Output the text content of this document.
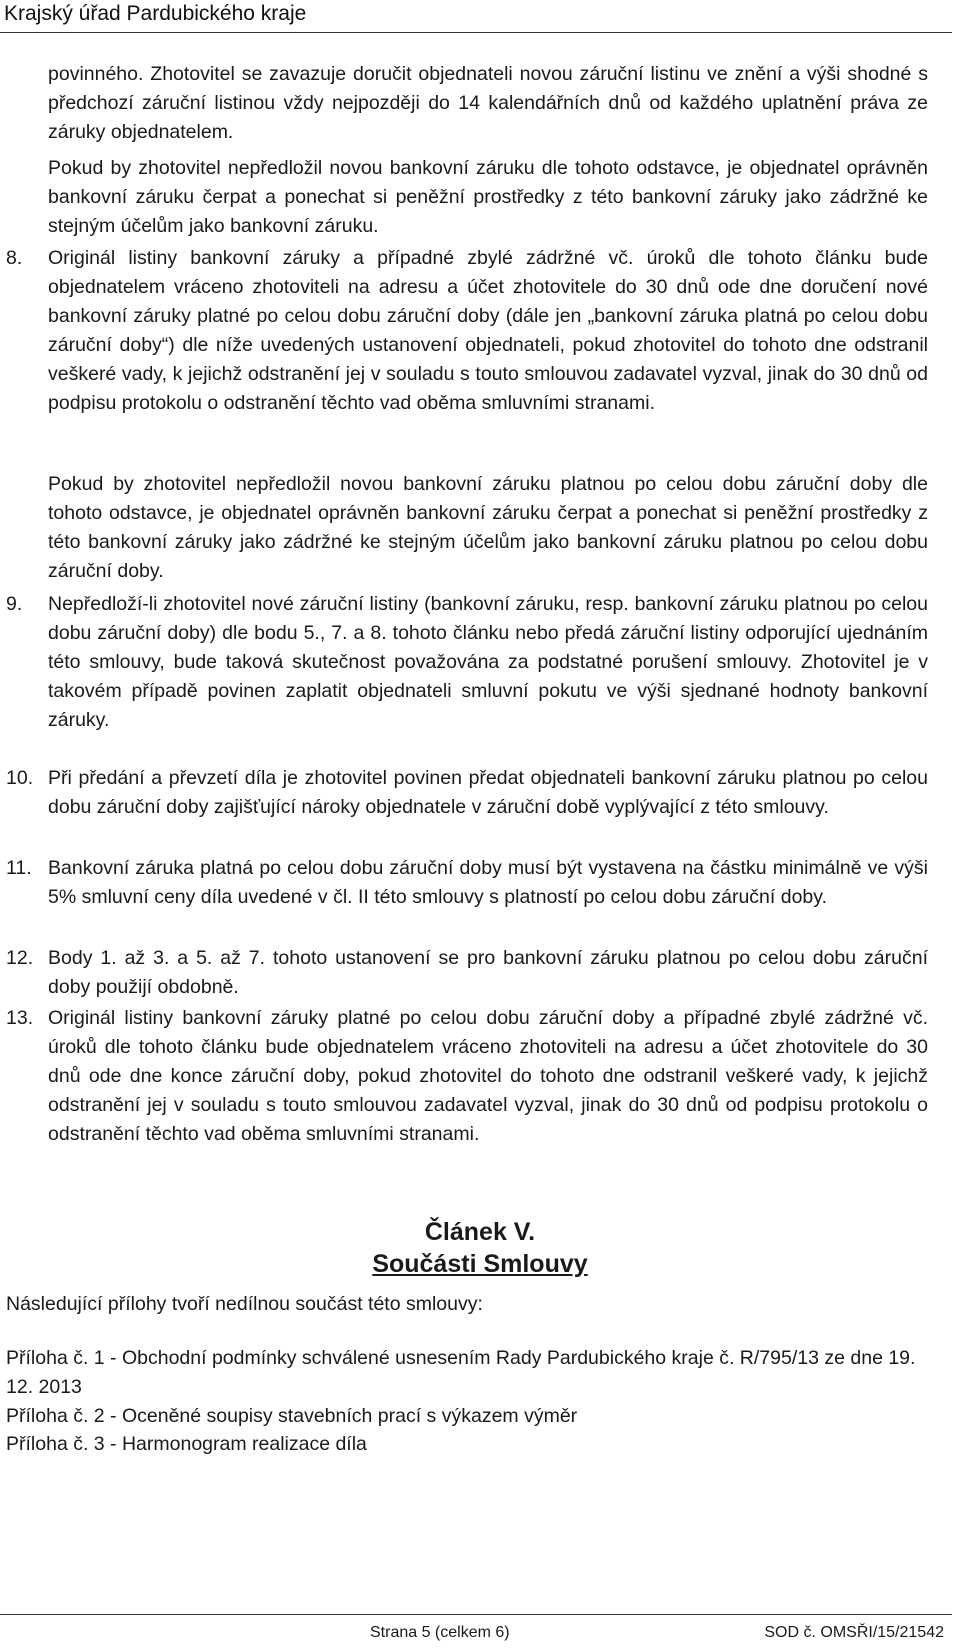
Krajský úřad Pardubického kraje
povinného. Zhotovitel se zavazuje doručit objednateli novou záruční listinu ve znění a výši shodné s předchozí záruční listinou vždy nejpozději do 14 kalendářních dnů od každého uplatnění práva ze záruky objednatelem.
Pokud by zhotovitel nepředložil novou bankovní záruku dle tohoto odstavce, je objednatel oprávněn bankovní záruku čerpat a ponechat si peněžní prostředky z této bankovní záruky jako zádržné ke stejným účelům jako bankovní záruku.
8.	Originál listiny bankovní záruky a případné zbylé zádržné vč. úroků dle tohoto článku bude objednatelem vráceno zhotoviteli na adresu a účet zhotovitele do 30 dnů ode dne doručení nové bankovní záruky platné po celou dobu záruční doby (dále jen „bankovní záruka platná po celou dobu záruční doby“) dle níže uvedených ustanovení objednateli, pokud zhotovitel do tohoto dne odstranil veškeré vady, k jejichž odstranění jej v souladu s touto smlouvou zadavatel vyzval, jinak do 30 dnů od podpisu protokolu o odstranění těchto vad oběma smluvními stranami.
Pokud by zhotovitel nepředložil novou bankovní záruku platnou po celou dobu záruční doby dle tohoto odstavce, je objednatel oprávněn bankovní záruku čerpat a ponechat si peněžní prostředky z této bankovní záruky jako zádržné ke stejným účelům jako bankovní záruku platnou po celou dobu záruční doby.
9.	Nepředloží-li zhotovitel nové záruční listiny (bankovní záruku, resp. bankovní záruku platnou po celou dobu záruční doby) dle bodu 5., 7. a 8. tohoto článku nebo předá záruční listiny odporující ujednáním této smlouvy, bude taková skutečnost považována za podstatné porušení smlouvy. Zhotovitel je v takovém případě povinen zaplatit objednateli smluvní pokutu ve výši sjednané hodnoty bankovní záruky.
10. Při předání a převzetí díla je zhotovitel povinen předat objednateli bankovní záruku platnou po celou dobu záruční doby zajišťující nároky objednatele v záruční době vyplývající z této smlouvy.
11. Bankovní záruka platná po celou dobu záruční doby musí být vystavena na částku minimálně ve výši 5% smluvní ceny díla uvedené v čl. II této smlouvy s platností po celou dobu záruční doby.
12. Body 1. až 3. a 5. až 7. tohoto ustanovení se pro bankovní záruku platnou po celou dobu záruční doby použijí obdobně.
13. Originál listiny bankovní záruky platné po celou dobu záruční doby a případné zbylé zádržné vč. úroků dle tohoto článku bude objednatelem vráceno zhotoviteli na adresu a účet zhotovitele do 30 dnů ode dne konce záruční doby, pokud zhotovitel do tohoto dne odstranil veškeré vady, k jejichž odstranění jej v souladu s touto smlouvou zadavatel vyzval, jinak do 30 dnů od podpisu protokolu o odstranění těchto vad oběma smluvními stranami.
Článek V.
Součásti Smlouvy
Následující přílohy tvoří nedílnou součást této smlouvy:
Příloha č. 1 - Obchodní podmínky schválené usnesením Rady Pardubického kraje č. R/795/13 ze dne 19. 12. 2013
Příloha č. 2 - Oceněné soupisy stavebních prací s výkazem výměr
Příloha č. 3 - Harmonogram realizace díla
Strana 5 (celkem 6)	SOD č. OMSŘI/15/21542
